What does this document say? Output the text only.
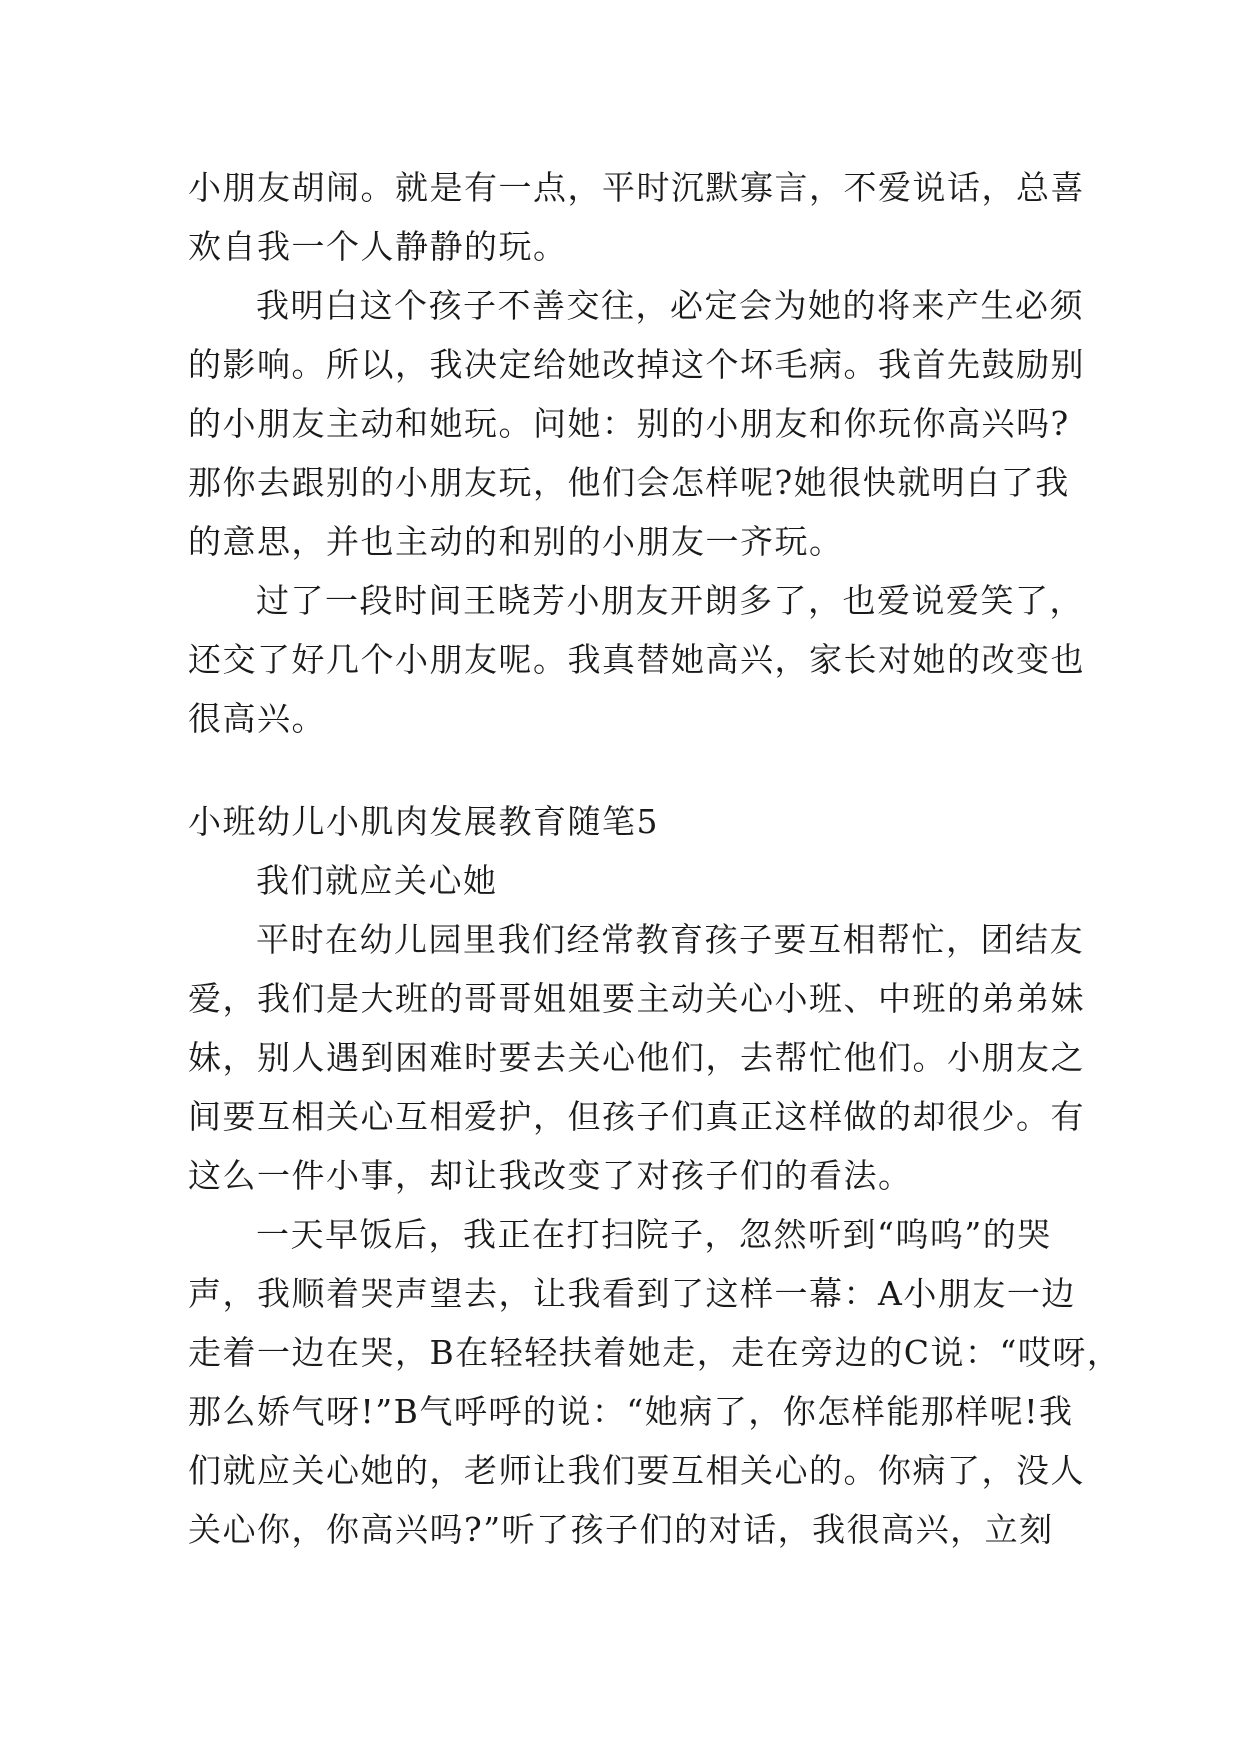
小朋友胡闹。就是有一点，平时沉默寡言，不爱说话，总喜
欢自我一个人静静的玩。
我明白这个孩子不善交往，必定会为她的将来产生必须
的影响。所以，我决定给她改掉这个坏毛病。我首先鼓励别
的小朋友主动和她玩。问她：别的小朋友和你玩你高兴吗?
那你去跟别的小朋友玩，他们会怎样呢?她很快就明白了我
的意思，并也主动的和别的小朋友一齐玩。
过了一段时间王晓芳小朋友开朗多了，也爱说爱笑了，
还交了好几个小朋友呢。我真替她高兴，家长对她的改变也
很高兴。
小班幼儿小肌肉发展教育随笔5
我们就应关心她
平时在幼儿园里我们经常教育孩子要互相帮忙，团结友
爱，我们是大班的哥哥姐姐要主动关心小班、中班的弟弟妹
妹，别人遇到困难时要去关心他们，去帮忙他们。小朋友之
间要互相关心互相爱护，但孩子们真正这样做的却很少。有
这么一件小事，却让我改变了对孩子们的看法。
一天早饭后，我正在打扫院子，忽然听到“呜呜”的哭
声，我顺着哭声望去，让我看到了这样一幕：A小朋友一边
走着一边在哭，B在轻轻扶着她走，走在旁边的C说：“哎呀，
那么娇气呀!”B气呼呼的说：“她病了，你怎样能那样呢!我
们就应关心她的，老师让我们要互相关心的。你病了，没人
关心你，你高兴吗?”听了孩子们的对话，我很高兴，立刻
